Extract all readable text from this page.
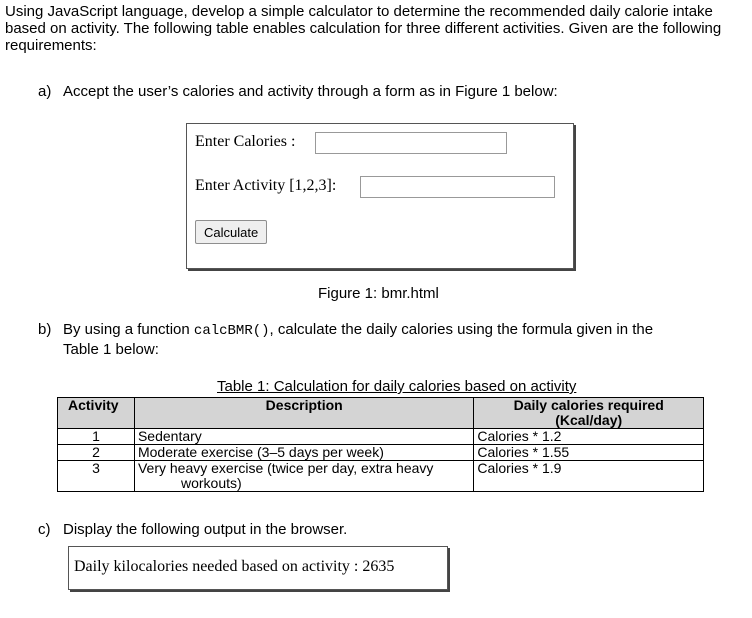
Using JavaScript language, develop a simple calculator to determine the recommended daily calorie intake based on activity. The following table enables calculation for three different activities. Given are the following requirements:
a) Accept the user’s calories and activity through a form as in Figure 1 below:
Enter Calories :
Enter Activity [1,2,3]:
Calculate
Figure 1: bmr.html
b) By using a function calcBMR(), calculate the daily calories using the formula given in the
Table 1 below:
Table 1: Calculation for daily calories based on activity
Activity	Description	Daily calories required
(Kcal/day)

1	Sedentary	Calories * 1.2
2	Moderate exercise (3–5 days per week)	Calories * 1.55
3	Very heavy exercise (twice per day, extra heavy
workouts)	Calories * 1.9
c) Display the following output in the browser.
Daily kilocalories needed based on activity : 2635
